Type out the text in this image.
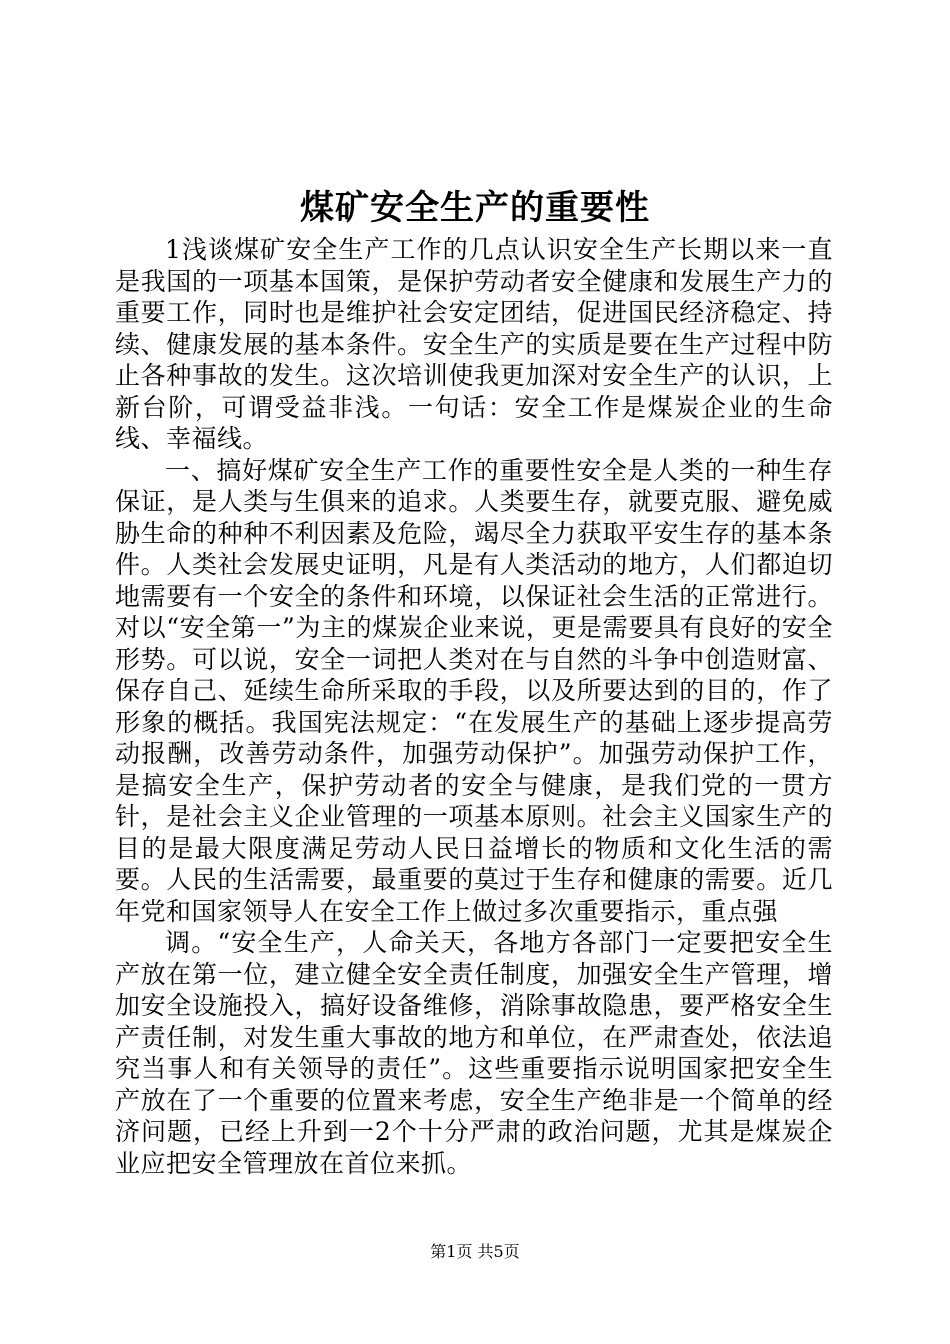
煤矿安全生产的重要性

1浅谈煤矿安全生产工作的几点认识安全生产长期以来一直是我国的一项基本国策，是保护劳动者安全健康和发展生产力的重要工作，同时也是维护社会安定团结，促进国民经济稳定、持续、健康发展的基本条件。安全生产的实质是要在生产过程中防止各种事故的发生。这次培训使我更加深对安全生产的认识，上新台阶，可谓受益非浅。一句话：安全工作是煤炭企业的生命线、幸福线。

一、搞好煤矿安全生产工作的重要性安全是人类的一种生存保证，是人类与生俱来的追求。人类要生存，就要克服、避免威胁生命的种种不利因素及危险，竭尽全力获取平安生存的基本条件。人类社会发展史证明，凡是有人类活动的地方，人们都迫切地需要有一个安全的条件和环境，以保证社会生活的正常进行。对以“安全第一”为主的煤炭企业来说，更是需要具有良好的安全形势。可以说，安全一词把人类对在与自然的斗争中创造财富、保存自己、延续生命所采取的手段，以及所要达到的目的，作了形象的概括。我国宪法规定：“在发展生产的基础上逐步提高劳动报酬，改善劳动条件，加强劳动保护”。加强劳动保护工作，是搞安全生产，保护劳动者的安全与健康，是我们党的一贯方针，是社会主义企业管理的一项基本原则。社会主义国家生产的目的是最大限度满足劳动人民日益增长的物质和文化生活的需要。人民的生活需要，最重要的莫过于生存和健康的需要。近几年党和国家领导人在安全工作上做过多次重要指示，重点强

调。“安全生产，人命关天，各地方各部门一定要把安全生产放在第一位，建立健全安全责任制度，加强安全生产管理，增加安全设施投入，搞好设备维修，消除事故隐患，要严格安全生产责任制，对发生重大事故的地方和单位，在严肃查处，依法追究当事人和有关领导的责任”。这些重要指示说明国家把安全生产放在了一个重要的位置来考虑，安全生产绝非是一个简单的经济问题，已经上升到一2个十分严肃的政治问题，尤其是煤炭企业应把安全管理放在首位来抓。

第1页 共5页
